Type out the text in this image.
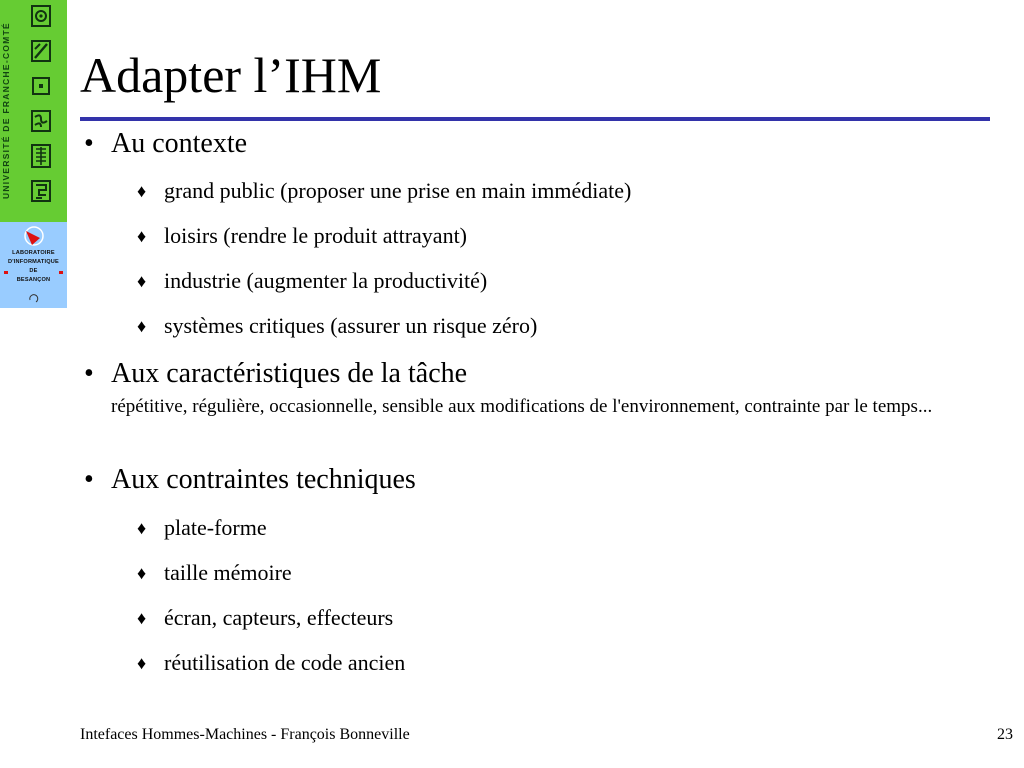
UNIVERSITÉ DE FRANCHE-COMTÉ
LABORATOIRE
D'INFORMATIQUE
DE
BESANÇON
Adapter l’IHM
• Au contexte
♦ grand public (proposer une prise en main immédiate)
♦ loisirs (rendre le produit attrayant)
♦ industrie (augmenter la productivité)
♦ systèmes critiques (assurer un risque zéro)
• Aux caractéristiques de la tâche
répétitive, régulière, occasionnelle, sensible aux modifications de l'environnement, contrainte par le temps...
• Aux contraintes techniques
♦ plate-forme
♦ taille mémoire
♦ écran, capteurs, effecteurs
♦ réutilisation de code ancien
Intefaces Hommes-Machines - François Bonneville	23
